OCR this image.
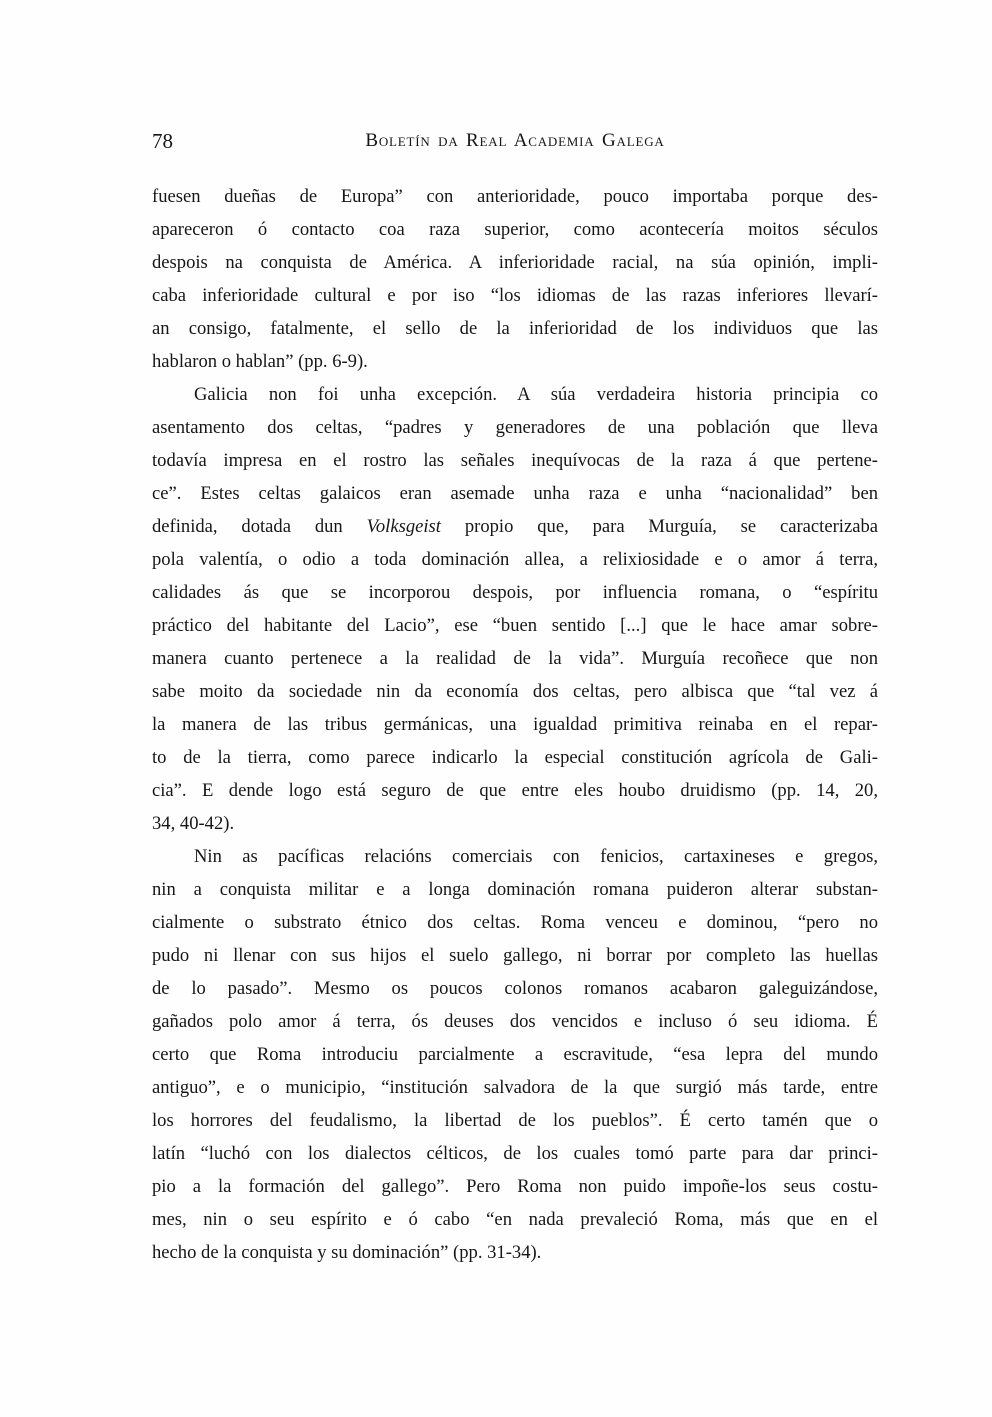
78	Boletín da Real Academia Galega
fuesen dueñas de Europa” con anterioridade, pouco importaba porque des-
apareceron ó contacto coa raza superior, como acontecería moitos séculos
despois na conquista de América. A inferioridade racial, na súa opinión, impli-
caba inferioridade cultural e por iso “los idiomas de las razas inferiores llevarí-
an consigo, fatalmente, el sello de la inferioridad de los individuos que las
hablaron o hablan” (pp. 6-9).
Galicia non foi unha excepción. A súa verdadeira historia principia co
asentamento dos celtas, “padres y generadores de una población que lleva
todavía impresa en el rostro las señales inequívocas de la raza á que pertene-
ce”. Estes celtas galaicos eran asemade unha raza e unha “nacionalidad” ben
definida, dotada dun Volksgeist propio que, para Murguía, se caracterizaba
pola valentía, o odio a toda dominación allea, a relixiosidade e o amor á terra,
calidades ás que se incorporou despois, por influencia romana, o “espíritu
práctico del habitante del Lacio”, ese “buen sentido [...] que le hace amar sobre-
manera cuanto pertenece a la realidad de la vida”. Murguía recoñece que non
sabe moito da sociedade nin da economía dos celtas, pero albisca que “tal vez á
la manera de las tribus germánicas, una igualdad primitiva reinaba en el repar-
to de la tierra, como parece indicarlo la especial constitución agrícola de Gali-
cia”. E dende logo está seguro de que entre eles houbo druidismo (pp. 14, 20,
34, 40-42).
Nin as pacíficas relacións comerciais con fenicios, cartaxineses e gregos,
nin a conquista militar e a longa dominación romana puideron alterar substan-
cialmente o substrato étnico dos celtas. Roma venceu e dominou, “pero no
pudo ni llenar con sus hijos el suelo gallego, ni borrar por completo las huellas
de lo pasado”. Mesmo os poucos colonos romanos acabaron galeguizándose,
gañados polo amor á terra, ós deuses dos vencidos e incluso ó seu idioma. É
certo que Roma introduciu parcialmente a escravitude, “esa lepra del mundo
antiguo”, e o municipio, “institución salvadora de la que surgió más tarde, entre
los horrores del feudalismo, la libertad de los pueblos”. É certo tamén que o
latín “luchó con los dialectos célticos, de los cuales tomó parte para dar princi-
pio a la formación del gallego”. Pero Roma non puido impoñe-los seus costu-
mes, nin o seu espírito e ó cabo “en nada prevaleció Roma, más que en el
hecho de la conquista y su dominación” (pp. 31-34).
